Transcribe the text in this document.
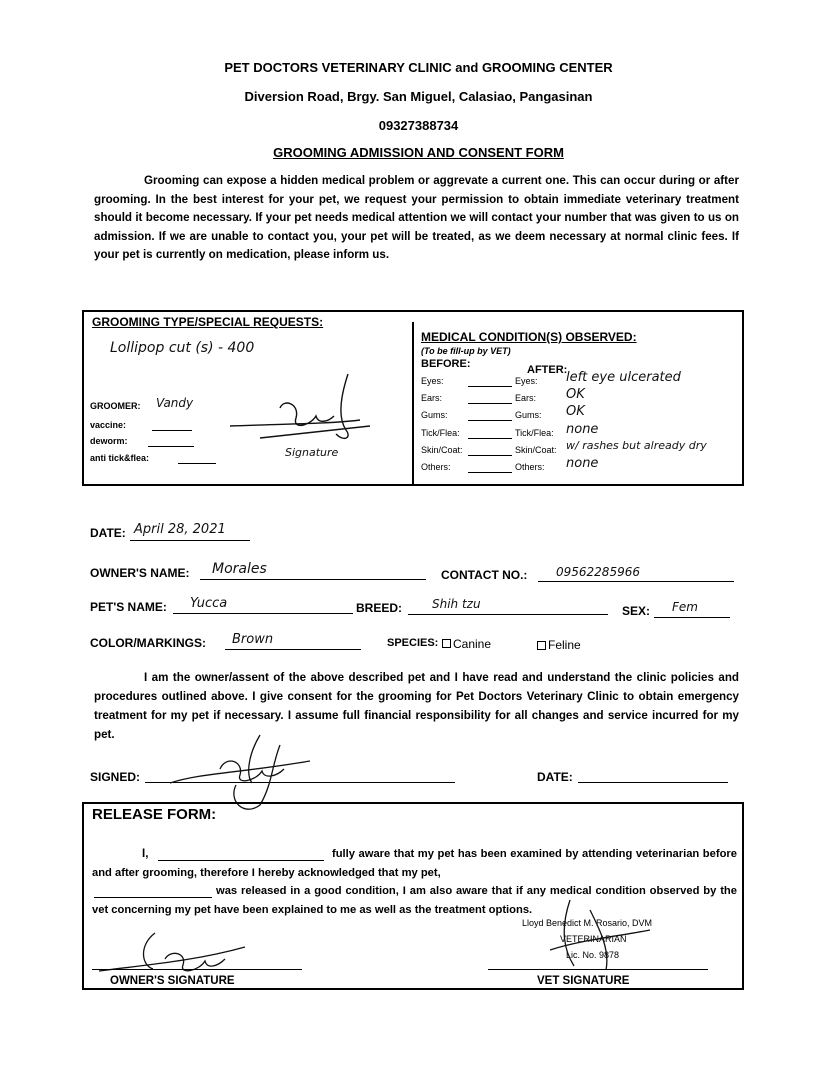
PET DOCTORS VETERINARY CLINIC and GROOMING CENTER
Diversion Road, Brgy. San Miguel, Calasiao, Pangasinan
09327388734
GROOMING ADMISSION AND CONSENT FORM
Grooming can expose a hidden medical problem or aggrevate a current one. This can occur during or after grooming. In the best interest for your pet, we request your permission to obtain immediate veterinary treatment should it become necessary. If your pet needs medical attention we will contact your number that was given to us on admission. If we are unable to contact you, your pet will be treated, as we deem necessary at normal clinic fees. If your pet is currently on medication, please inform us.
GROOMING TYPE/SPECIAL REQUESTS:
Lollipop cut (s) - 400
GROOMER: Vandy
vaccine:
deworm:
anti tick&flea:	Signature
MEDICAL CONDITION(S) OBSERVED:
(To be fill-up by VET)
BEFORE:	AFTER:
Eyes:	Eyes: left eye ulcerated
Ears:	Ears: OK
Gums:	Gums: OK
Tick/Flea:	Tick/Flea: none
Skin/Coat:	Skin/Coat: w/ rashes but already dry
Others:	Others: none
DATE: April 28, 2021
OWNER'S NAME: Morales	CONTACT NO.: 09562285966
PET'S NAME: Yucca	BREED: Shih tzu	SEX: Fem
COLOR/MARKINGS: Brown	SPECIES: Canine	Feline
I am the owner/assent of the above described pet and I have read and understand the clinic policies and procedures outlined above. I give consent for the grooming for Pet Doctors Veterinary Clinic to obtain emergency treatment for my pet if necessary. I assume full financial responsibility for all changes and service incurred for my pet.
SIGNED:	DATE:
RELEASE FORM:
I,	fully aware that my pet has been examined by attending veterinarian before and after grooming, therefore I hereby acknowledged that my pet,
was released in a good condition, I am also aware that if any medical condition observed by the vet concerning my pet have been explained to me as well as the treatment options.
Lloyd Benedict M. Rosario, DVM
VETERINARIAN
Lic. No. 9878
OWNER'S SIGNATURE	VET SIGNATURE
